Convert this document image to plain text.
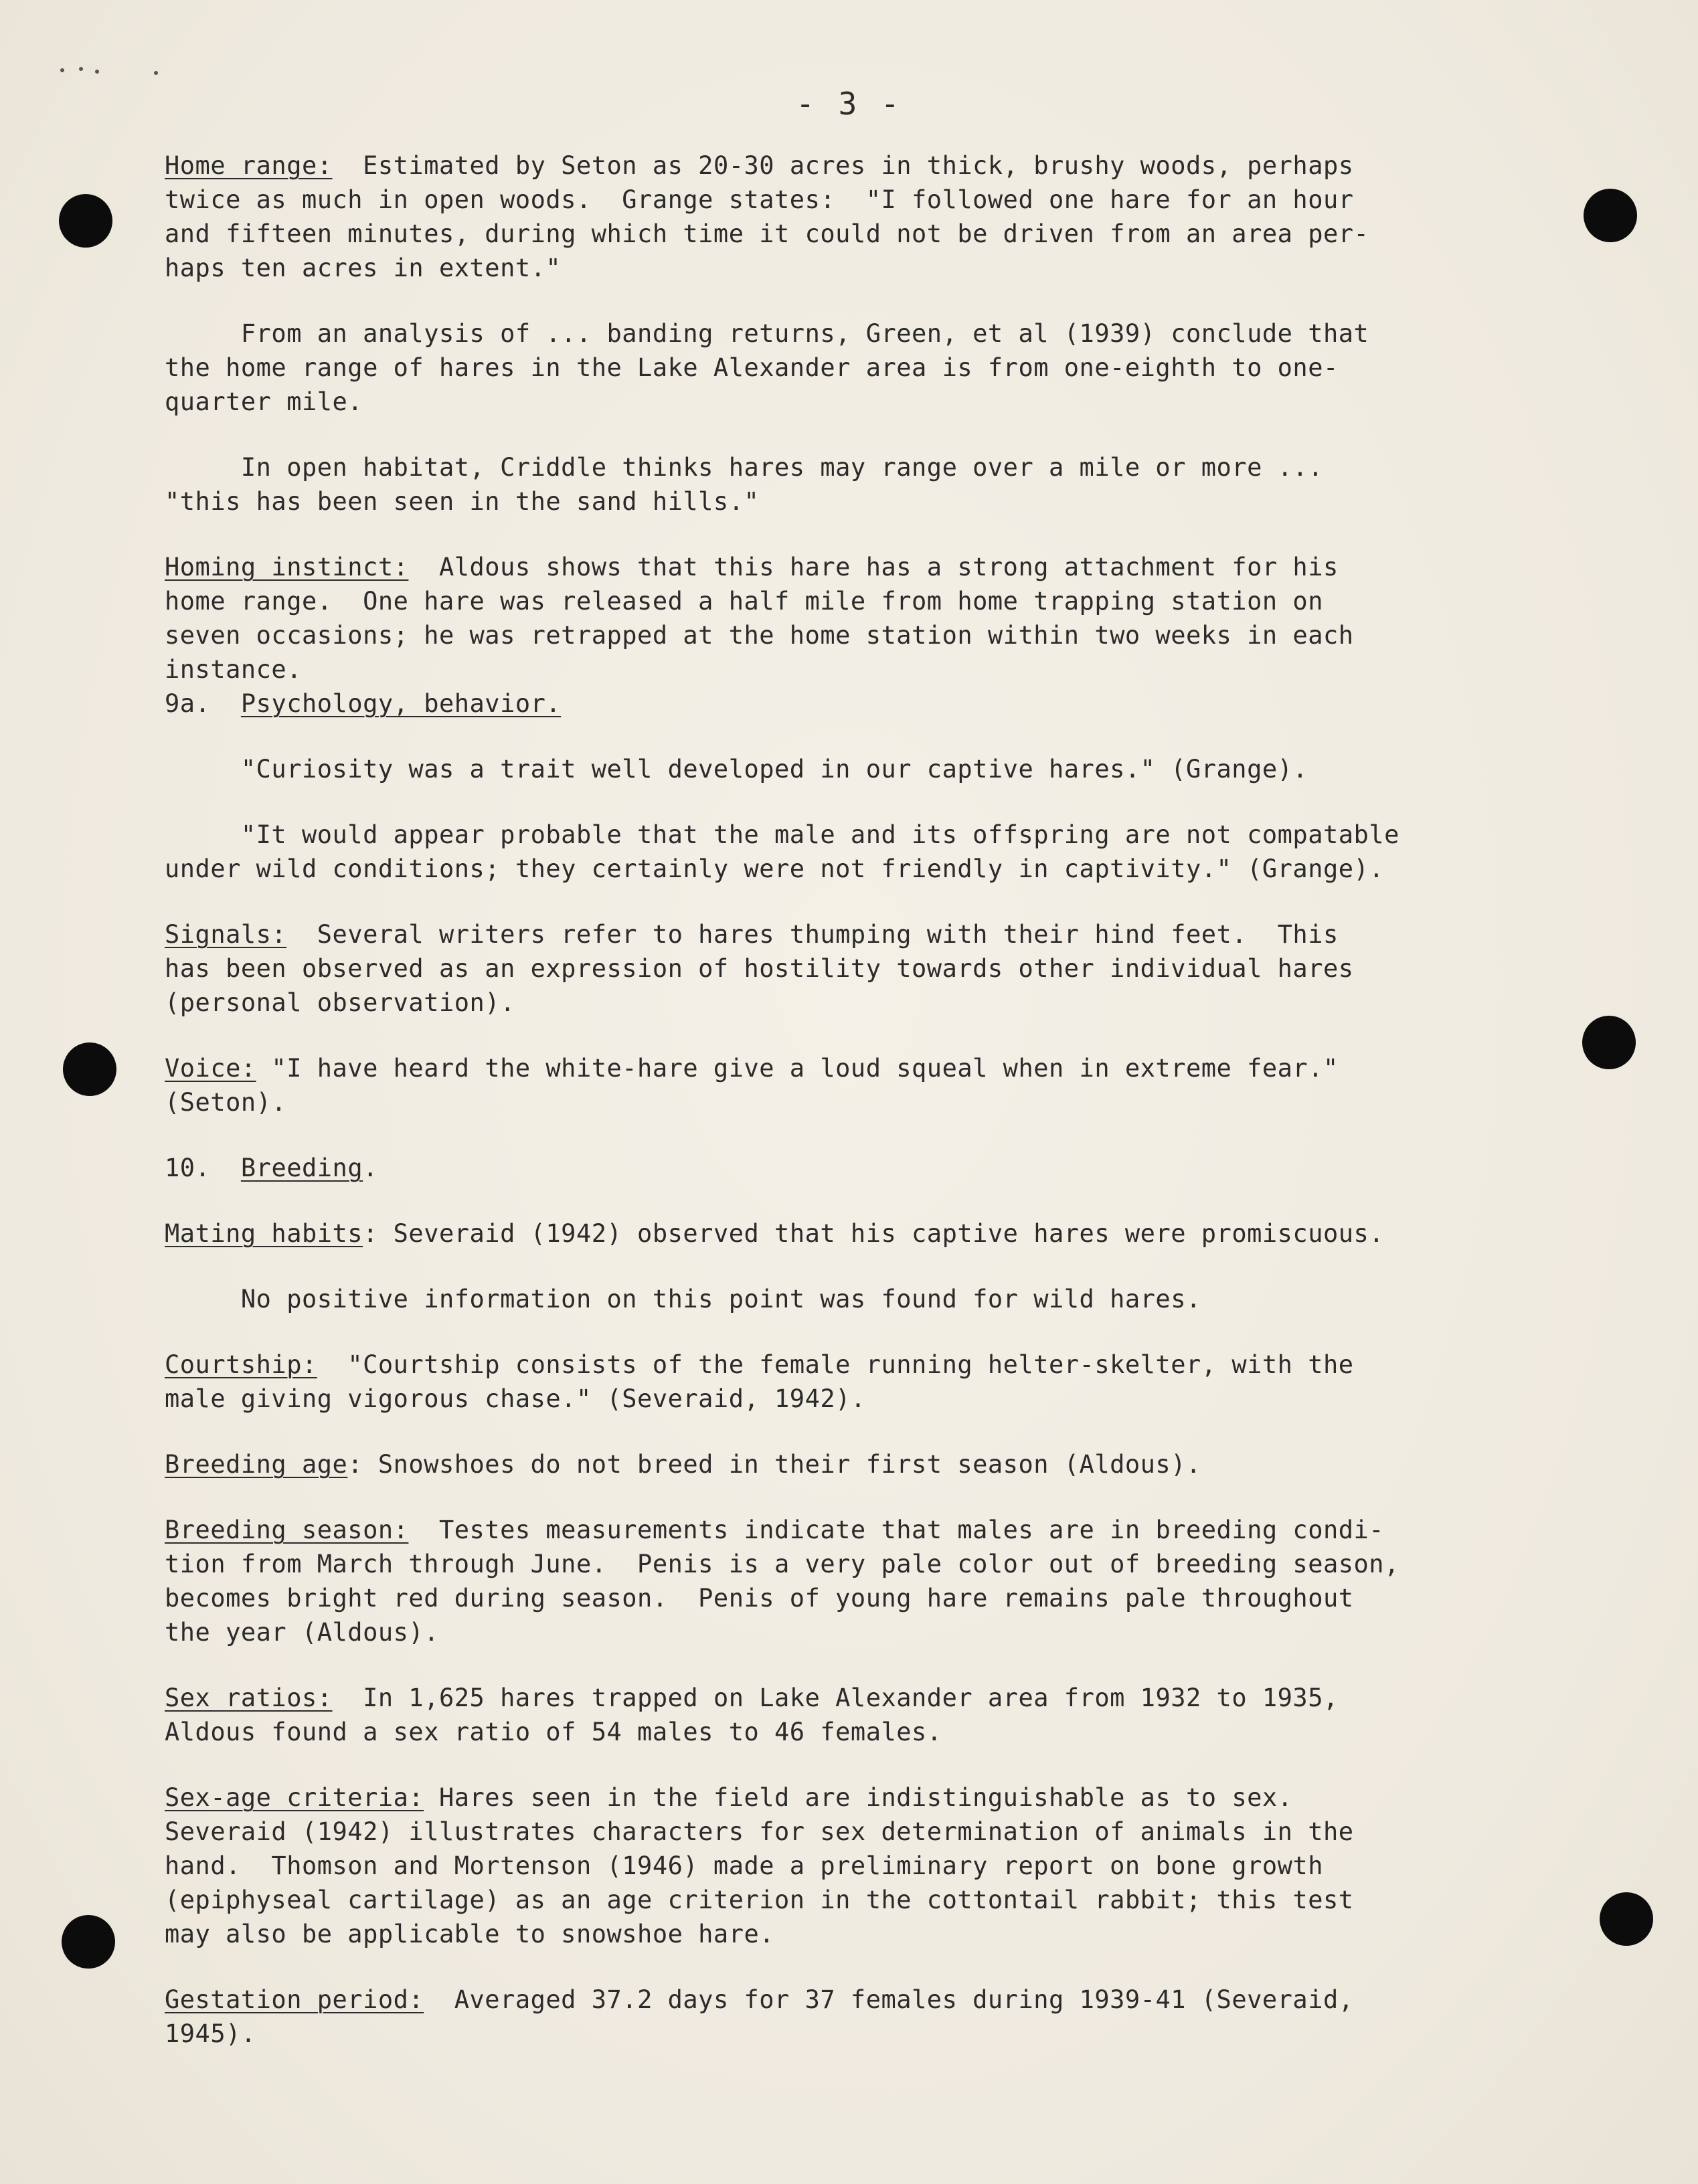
- 3 -
Home range:  Estimated by Seton as 20-30 acres in thick, brushy woods, perhaps
twice as much in open woods.  Grange states:  "I followed one hare for an hour
and fifteen minutes, during which time it could not be driven from an area per-
haps ten acres in extent."
From an analysis of ... banding returns, Green, et al (1939) conclude that
the home range of hares in the Lake Alexander area is from one-eighth to one-
quarter mile.
In open habitat, Criddle thinks hares may range over a mile or more ...
"this has been seen in the sand hills."
Homing instinct:  Aldous shows that this hare has a strong attachment for his
home range.  One hare was released a half mile from home trapping station on
seven occasions; he was retrapped at the home station within two weeks in each
instance.
9a.  Psychology, behavior.
"Curiosity was a trait well developed in our captive hares." (Grange).
"It would appear probable that the male and its offspring are not compatable
under wild conditions; they certainly were not friendly in captivity." (Grange).
Signals:  Several writers refer to hares thumping with their hind feet.  This
has been observed as an expression of hostility towards other individual hares
(personal observation).
Voice: "I have heard the white-hare give a loud squeal when in extreme fear."
(Seton).
10.  Breeding.
Mating habits: Severaid (1942) observed that his captive hares were promiscuous.
No positive information on this point was found for wild hares.
Courtship:  "Courtship consists of the female running helter-skelter, with the
male giving vigorous chase." (Severaid, 1942).
Breeding age: Snowshoes do not breed in their first season (Aldous).
Breeding season:  Testes measurements indicate that males are in breeding condi-
tion from March through June.  Penis is a very pale color out of breeding season,
becomes bright red during season.  Penis of young hare remains pale throughout
the year (Aldous).
Sex ratios:  In 1,625 hares trapped on Lake Alexander area from 1932 to 1935,
Aldous found a sex ratio of 54 males to 46 females.
Sex-age criteria: Hares seen in the field are indistinguishable as to sex.
Severaid (1942) illustrates characters for sex determination of animals in the
hand.  Thomson and Mortenson (1946) made a preliminary report on bone growth
(epiphyseal cartilage) as an age criterion in the cottontail rabbit; this test
may also be applicable to snowshoe hare.
Gestation period:  Averaged 37.2 days for 37 females during 1939-41 (Severaid,
1945).
